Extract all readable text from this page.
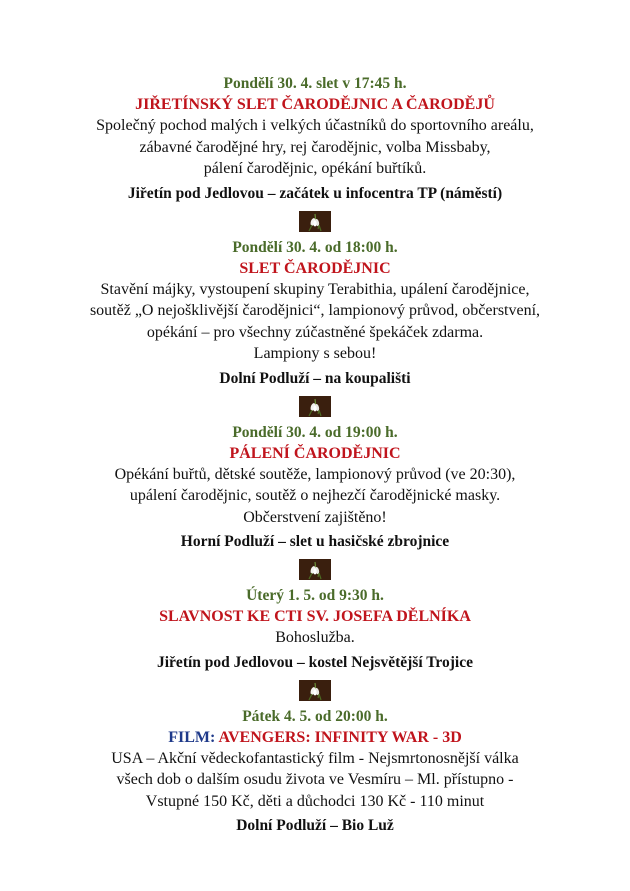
Pondělí 30. 4. slet v 17:45 h.
JIŘETÍNSKÝ SLET ČARODĚJNIC A ČARODĚJŮ
Společný pochod malých i velkých účastníků do sportovního areálu,
zábavné čarodějné hry, rej čarodějnic, volba Missbaby,
pálení čarodějnic, opékání buřtíků.
Jiřetín pod Jedlovou – začátek u infocentra TP (náměstí)
Pondělí 30. 4. od 18:00 h.
SLET ČARODĚJNIC
Stavění májky, vystoupení skupiny Terabithia, upálení čarodějnice,
soutěž „O nejošklivější čarodějnici“, lampionový průvod, občerstvení,
opékání – pro všechny zúčastněné špekáček zdarma.
Lampiony s sebou!
Dolní Podluží – na koupališti
Pondělí 30. 4. od 19:00 h.
PÁLENÍ ČARODĚJNIC
Opékání buřtů, dětské soutěže, lampionový průvod (ve 20:30),
upálení čarodějnic, soutěž o nejhezčí čarodějnické masky.
Občerstvení zajištěno!
Horní Podluží – slet u hasičské zbrojnice
Úterý 1. 5. od 9:30 h.
SLAVNOST KE CTI SV. JOSEFA DĚLNÍKA
Bohoslužba.
Jiřetín pod Jedlovou – kostel Nejsvětější Trojice
Pátek 4. 5. od 20:00 h.
FILM: AVENGERS: INFINITY WAR - 3D
USA – Akční vědeckofantastický film - Nejsmrtonosnější válka
všech dob o dalším osudu života ve Vesmíru – Ml. přístupno -
Vstupné 150 Kč, děti a důchodci 130 Kč - 110 minut
Dolní Podluží – Bio Luž
